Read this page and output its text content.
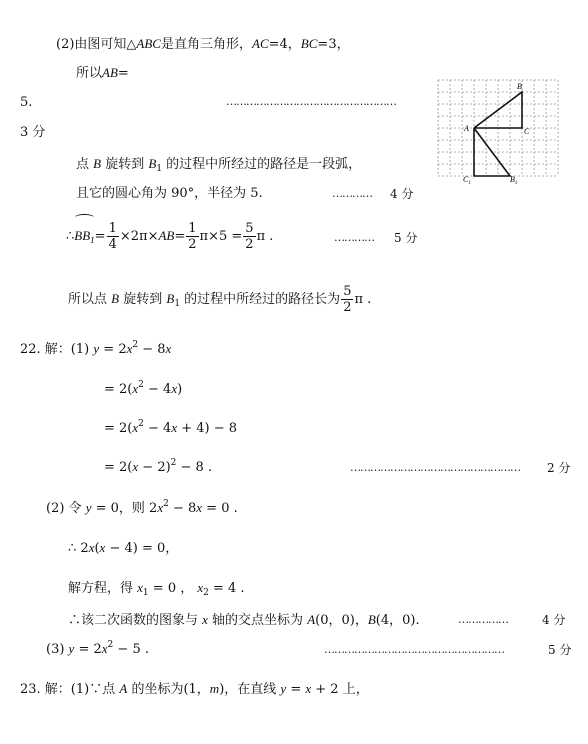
(2)由图可知△ABC是直角三角形，AC=4，BC=3，
所以AB=
5.	……………………………………………
3 分
点 B 旋转到 $B_1$ 的过程中所经过的路径是一段弧，
且它的圆心角为 90°，半径为 5.	…………	4 分
$\therefore BB_1= \frac{1}{4} \times 2\pi\times AB= \frac{1}{2} \pi\times 5 = \frac{5}{2}$ π .	…………	5 分
所以点 B 旋转到 $B_1$ 的过程中所经过的路径长为 $\frac{5}{2}$ π .
22. 解：(1) $y = 2x^2 - 8x$
= $2(x^2 - 4x)$
= $2(x^2 - 4x + 4) - 8$
= $2(x - 2)^2 - 8$ .	……………………………………………	2 分
(2) 令 y = 0，则 $2x^2 - 8x = 0$ .
∴ 2x(x − 4) = 0，
解方程，得 $x_1 = 0$ ， $x_2 = 4$ .
∴该二次函数的图象与 x 轴的交点坐标为 A(0，0)，B(4，0).	……………	4 分
(3) $y = 2x^2 - 5$ .	………………………………………………	5 分
23. 解：(1)∵点 A 的坐标为(1，m)，在直线 y = x + 2 上，
B
A	C
$C_1$	$B_1$
